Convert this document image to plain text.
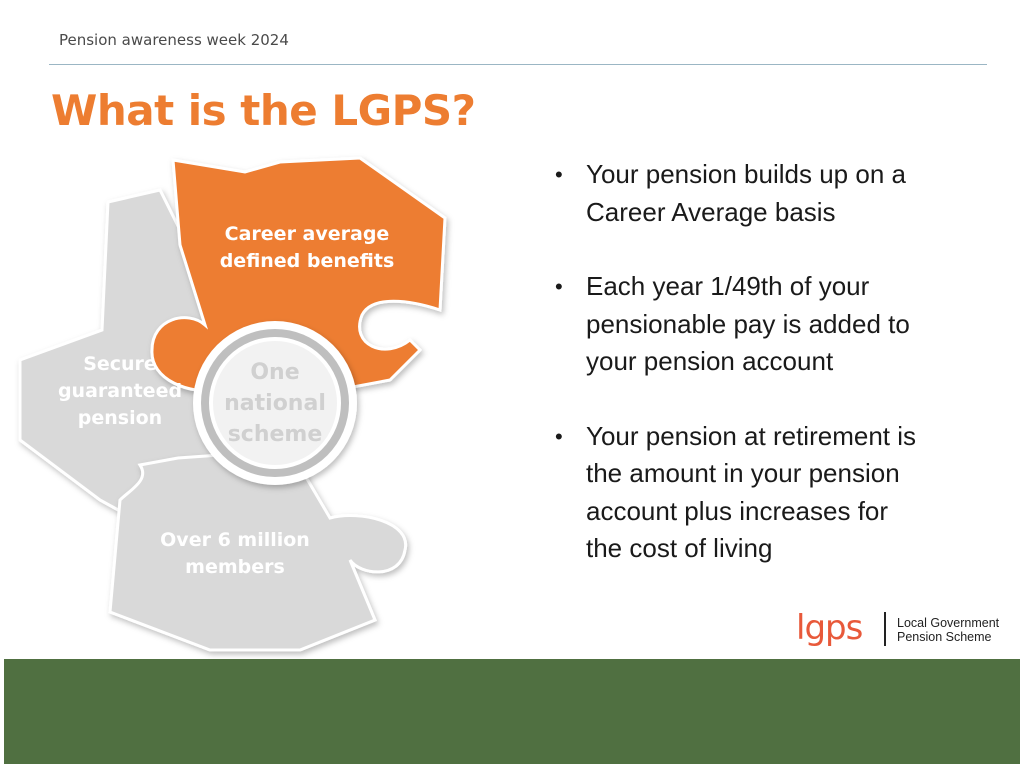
Pension awareness week 2024
What is the LGPS?
Career average
defined benefits
Secure
guaranteed
pension
Over 6 million
members
One
national
scheme
• Your pension builds up on a
Career Average basis
• Each year 1/49th of your
pensionable pay is added to
your pension account
• Your pension at retirement is
the amount in your pension
account plus increases for
the cost of living
lgps	Local Government
Pension Scheme
